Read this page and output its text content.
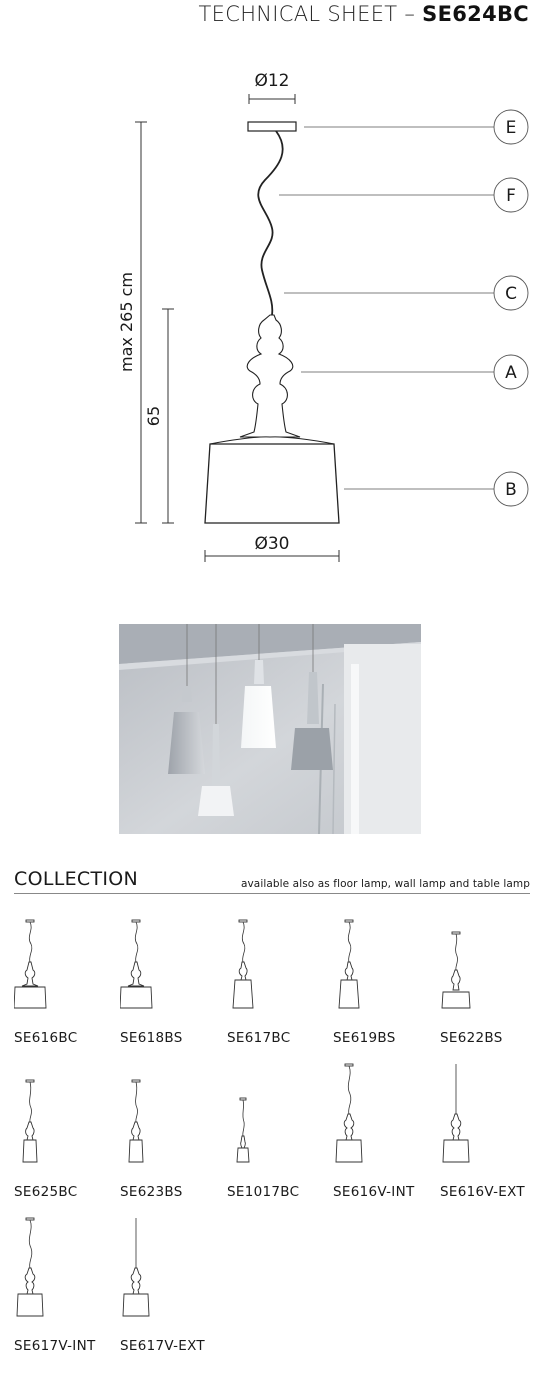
TECHNICAL SHEET – SE624BC
Ø12
Ø30
max 265 cm
65
E
F
C
A
B
COLLECTION	available also as floor lamp, wall lamp and table lamp
SE616BC	SE618BS	SE617BC	SE619BS	SE622BS
SE625BC	SE623BS	SE1017BC SE616V-INT SE616V-EXT
SE617V-INT SE617V-EXT
